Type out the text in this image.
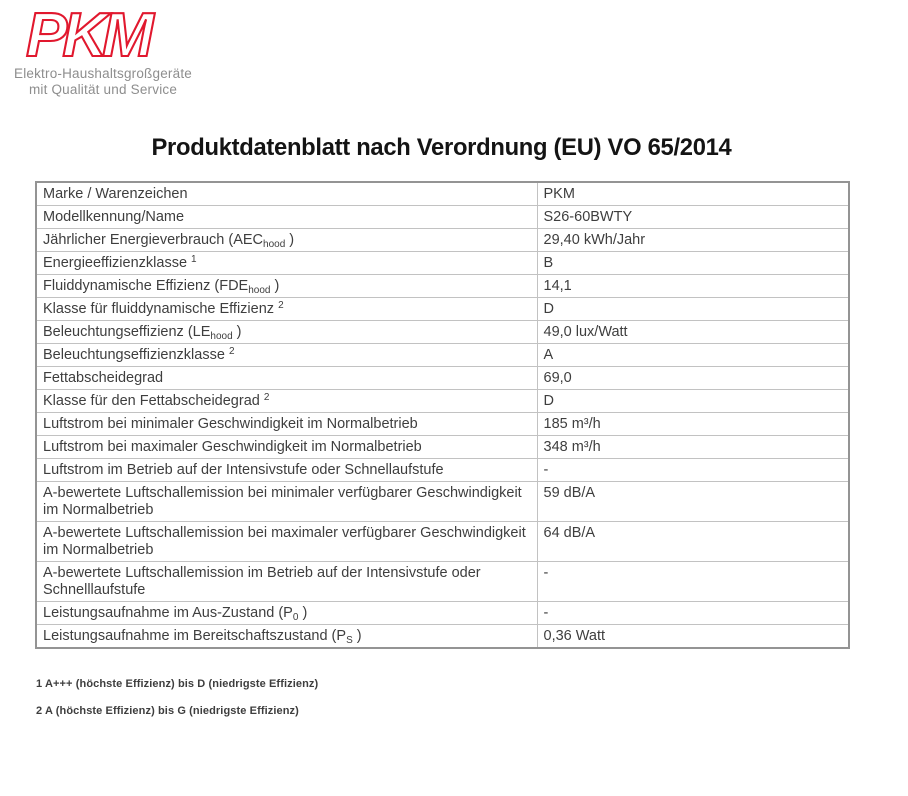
PKM
Elektro-Haushaltsgroßgeräte
mit Qualität und Service
Produktdatenblatt nach Verordnung (EU) VO 65/2014
Marke / Warenzeichen	PKM
Modellkennung/Name	S26-60BWTY
Jährlicher Energieverbrauch ($AEC_{hood}$ )	29,40 kWh/Jahr
Energieeffizienzklasse $^1$	B
Fluiddynamische Effizienz ($FDE_{hood}$ )	14,1
Klasse für fluiddynamische Effizienz $^2$	D
Beleuchtungseffizienz ($LE_{hood}$ )	49,0 lux/Watt
Beleuchtungseffizienzklasse $^2$	A
Fettabscheidegrad	69,0
Klasse für den Fettabscheidegrad $^2$	D
Luftstrom bei minimaler Geschwindigkeit im Normalbetrieb	185 m³/h
Luftstrom bei maximaler Geschwindigkeit im Normalbetrieb	348 m³/h
Luftstrom im Betrieb auf der Intensivstufe oder Schnellaufstufe	-
A-bewertete Luftschallemission bei minimaler verfügbarer Geschwindigkeit im Normalbetrieb	59 dB/A
A-bewertete Luftschallemission bei maximaler verfügbarer Geschwindigkeit im Normalbetrieb	64 dB/A
A-bewertete Luftschallemission im Betrieb auf der Intensivstufe oder Schnelllaufstufe	-
Leistungsaufnahme im Aus-Zustand ($P_0$ )	-
Leistungsaufnahme im Bereitschaftszustand ($P_S$ )	0,36 Watt
1 A+++ (höchste Effizienz) bis D (niedrigste Effizienz)
2 A (höchste Effizienz) bis G (niedrigste Effizienz)
